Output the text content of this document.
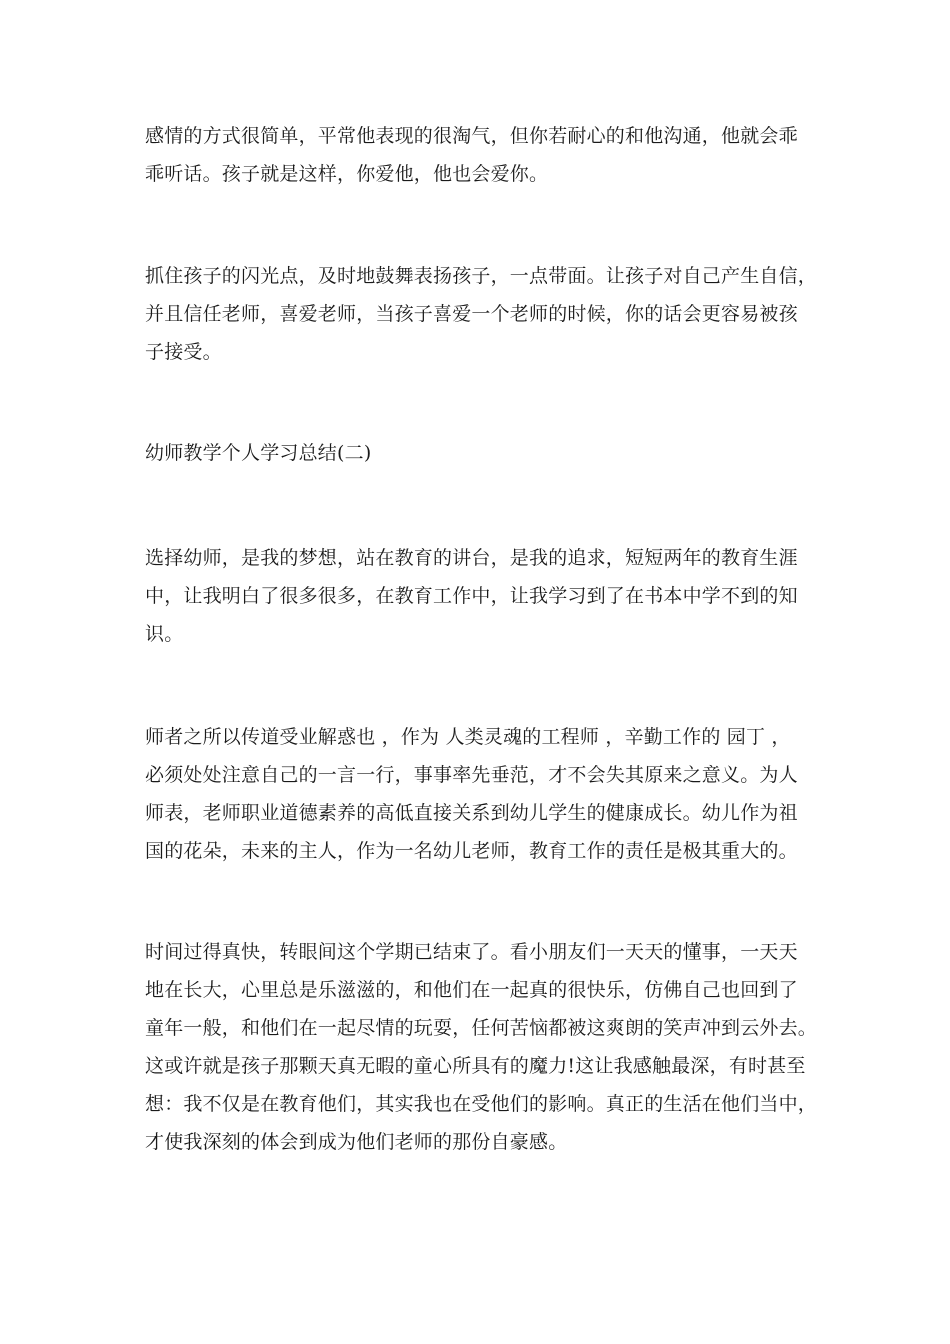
感情的方式很简单，平常他表现的很淘气，但你若耐心的和他沟通，他就会乖
乖听话。孩子就是这样，你爱他，他也会爱你。
抓住孩子的闪光点，及时地鼓舞表扬孩子，一点带面。让孩子对自己产生自信，
并且信任老师，喜爱老师，当孩子喜爱一个老师的时候，你的话会更容易被孩
子接受。
幼师教学个人学习总结(二)
选择幼师，是我的梦想，站在教育的讲台，是我的追求，短短两年的教育生涯
中，让我明白了很多很多，在教育工作中，让我学习到了在书本中学不到的知
识。
师者之所以传道受业解惑也 ，作为 人类灵魂的工程师 ，辛勤工作的 园丁 ，
必须处处注意自己的一言一行，事事率先垂范，才不会失其原来之意义。为人
师表，老师职业道德素养的高低直接关系到幼儿学生的健康成长。幼儿作为祖
国的花朵，未来的主人，作为一名幼儿老师，教育工作的责任是极其重大的。
时间过得真快，转眼间这个学期已结束了。看小朋友们一天天的懂事，一天天
地在长大，心里总是乐滋滋的，和他们在一起真的很快乐，仿佛自己也回到了
童年一般，和他们在一起尽情的玩耍，任何苦恼都被这爽朗的笑声冲到云外去。
这或许就是孩子那颗天真无暇的童心所具有的魔力!这让我感触最深，有时甚至
想：我不仅是在教育他们，其实我也在受他们的影响。真正的生活在他们当中，
才使我深刻的体会到成为他们老师的那份自豪感。
